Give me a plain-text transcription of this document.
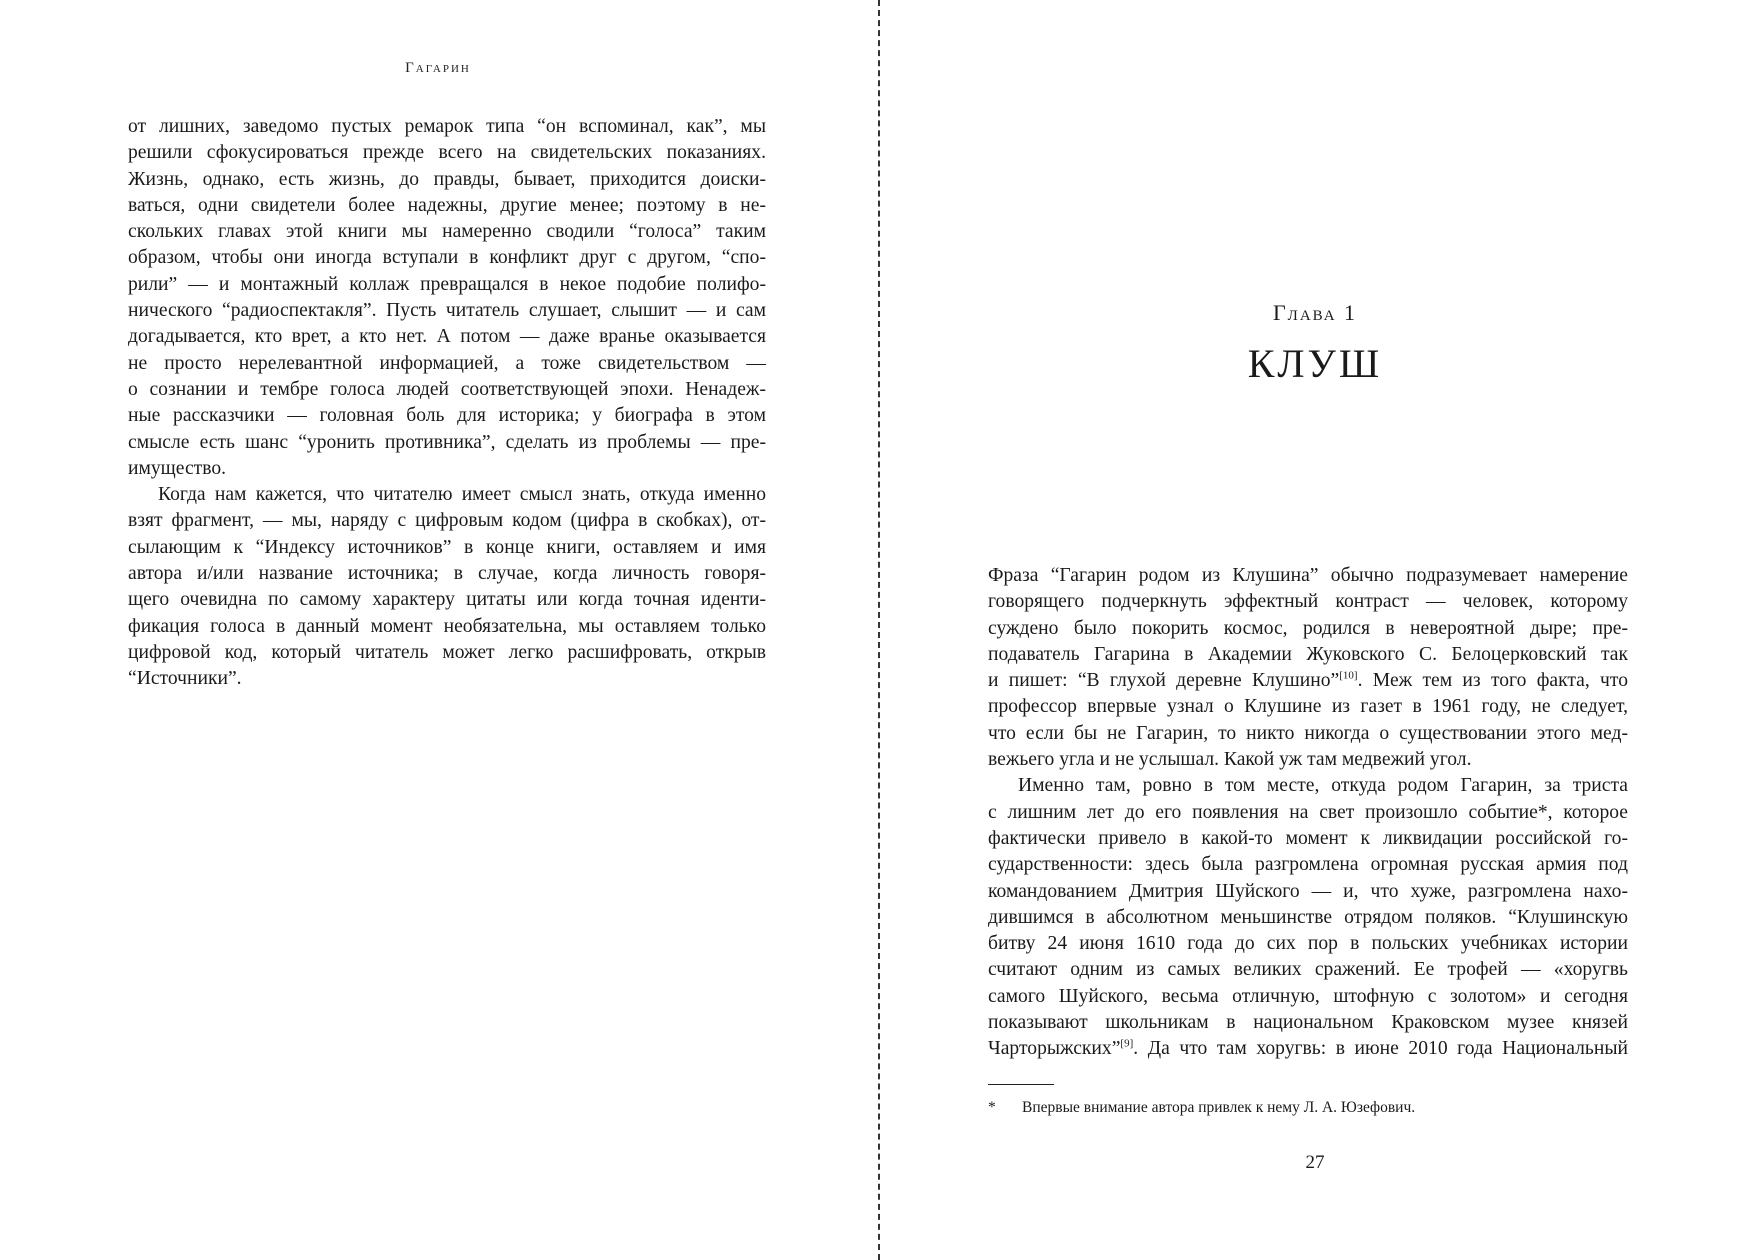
Гагарин
от лишних, заведомо пустых ремарок типа “он вспоминал, как”, мы
решили сфокусироваться прежде всего на свидетельских показаниях.
Жизнь, однако, есть жизнь, до правды, бывает, приходится доиски-
ваться, одни свидетели более надежны, другие менее; поэтому в не-
скольких главах этой книги мы намеренно сводили “голоса” таким
образом, чтобы они иногда вступали в конфликт друг с другом, “спо-
рили” — и монтажный коллаж превращался в некое подобие полифо-
нического “радиоспектакля”. Пусть читатель слушает, слышит — и сам
догадывается, кто врет, а кто нет. А потом — даже вранье оказывается
не просто нерелевантной информацией, а тоже свидетельством —
о сознании и тембре голоса людей соответствующей эпохи. Ненадеж-
ные рассказчики — головная боль для историка; у биографа в этом
смысле есть шанс “уронить противника”, сделать из проблемы — пре-
имущество.
Когда нам кажется, что читателю имеет смысл знать, откуда именно
взят фрагмент, — мы, наряду с цифровым кодом (цифра в скобках), от-
сылающим к “Индексу источников” в конце книги, оставляем и имя
автора и/или название источника; в случае, когда личность говоря-
щего очевидна по самому характеру цитаты или когда точная иденти-
фикация голоса в данный момент необязательна, мы оставляем только
цифровой код, который читатель может легко расшифровать, открыв
“Источники”.
Глава 1
КЛУШ
Фраза “Гагарин родом из Клушина” обычно подразумевает намерение
говорящего подчеркнуть эффектный контраст — человек, которому
суждено было покорить космос, родился в невероятной дыре; пре-
подаватель Гагарина в Академии Жуковского С. Белоцерковский так
и пишет: “В глухой деревне Клушино”[10]. Меж тем из того факта, что
профессор впервые узнал о Клушине из газет в 1961 году, не следует,
что если бы не Гагарин, то никто никогда о существовании этого мед-
вежьего угла и не услышал. Какой уж там медвежий угол.
Именно там, ровно в том месте, откуда родом Гагарин, за триста
с лишним лет до его появления на свет произошло событие*, которое
фактически привело в какой-то момент к ликвидации российской го-
сударственности: здесь была разгромлена огромная русская армия под
командованием Дмитрия Шуйского — и, что хуже, разгромлена нахо-
дившимся в абсолютном меньшинстве отрядом поляков. “Клушинскую
битву 24 июня 1610 года до сих пор в польских учебниках истории
считают одним из самых великих сражений. Ее трофей — «хоругвь
самого Шуйского, весьма отличную, штофную с золотом» и сегодня
показывают школьникам в национальном Краковском музее князей
Чарторыжских”[9]. Да что там хоругвь: в июне 2010 года Национальный
* Впервые внимание автора привлек к нему Л. А. Юзефович.
27
